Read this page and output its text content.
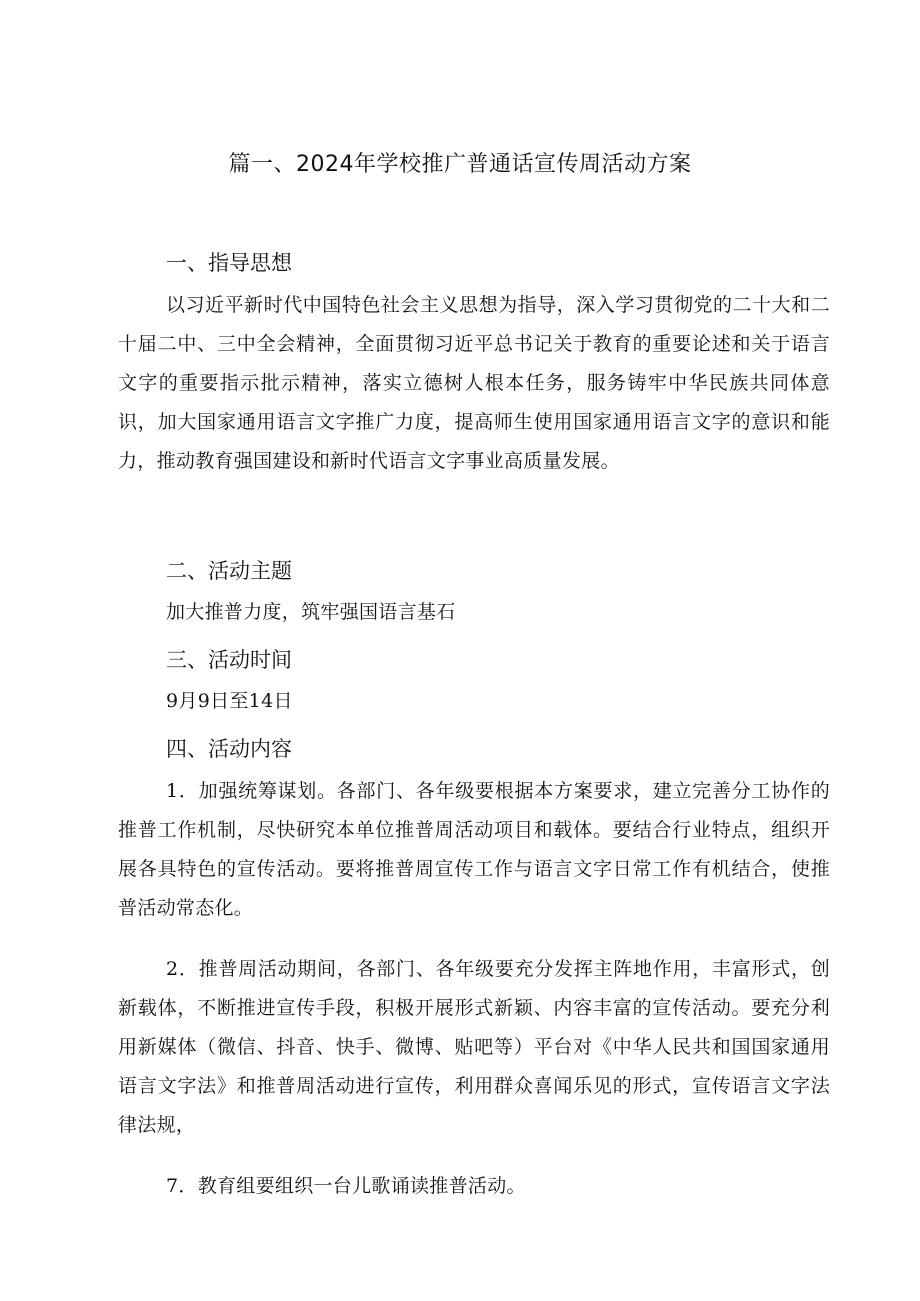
篇一、2024年学校推广普通话宣传周活动方案
一、指导思想

以习近平新时代中国特色社会主义思想为指导，深入学习贯彻党的二十大和二十届二中、三中全会精神，全面贯彻习近平总书记关于教育的重要论述和关于语言文字的重要指示批示精神，落实立德树人根本任务，服务铸牢中华民族共同体意识，加大国家通用语言文字推广力度，提高师生使用国家通用语言文字的意识和能力，推动教育强国建设和新时代语言文字事业高质量发展。

二、活动主题

加大推普力度，筑牢强国语言基石

三、活动时间

9月9日至14日

四、活动内容

1．加强统筹谋划。各部门、各年级要根据本方案要求，建立完善分工协作的推普工作机制，尽快研究本单位推普周活动项目和载体。要结合行业特点，组织开展各具特色的宣传活动。要将推普周宣传工作与语言文字日常工作有机结合，使推普活动常态化。

2．推普周活动期间，各部门、各年级要充分发挥主阵地作用，丰富形式，创新载体，不断推进宣传手段，积极开展形式新颖、内容丰富的宣传活动。要充分利用新媒体（微信、抖音、快手、微博、贴吧等）平台对《中华人民共和国国家通用语言文字法》和推普周活动进行宣传，利用群众喜闻乐见的形式，宣传语言文字法律法规，

7．教育组要组织一台儿歌诵读推普活动。
